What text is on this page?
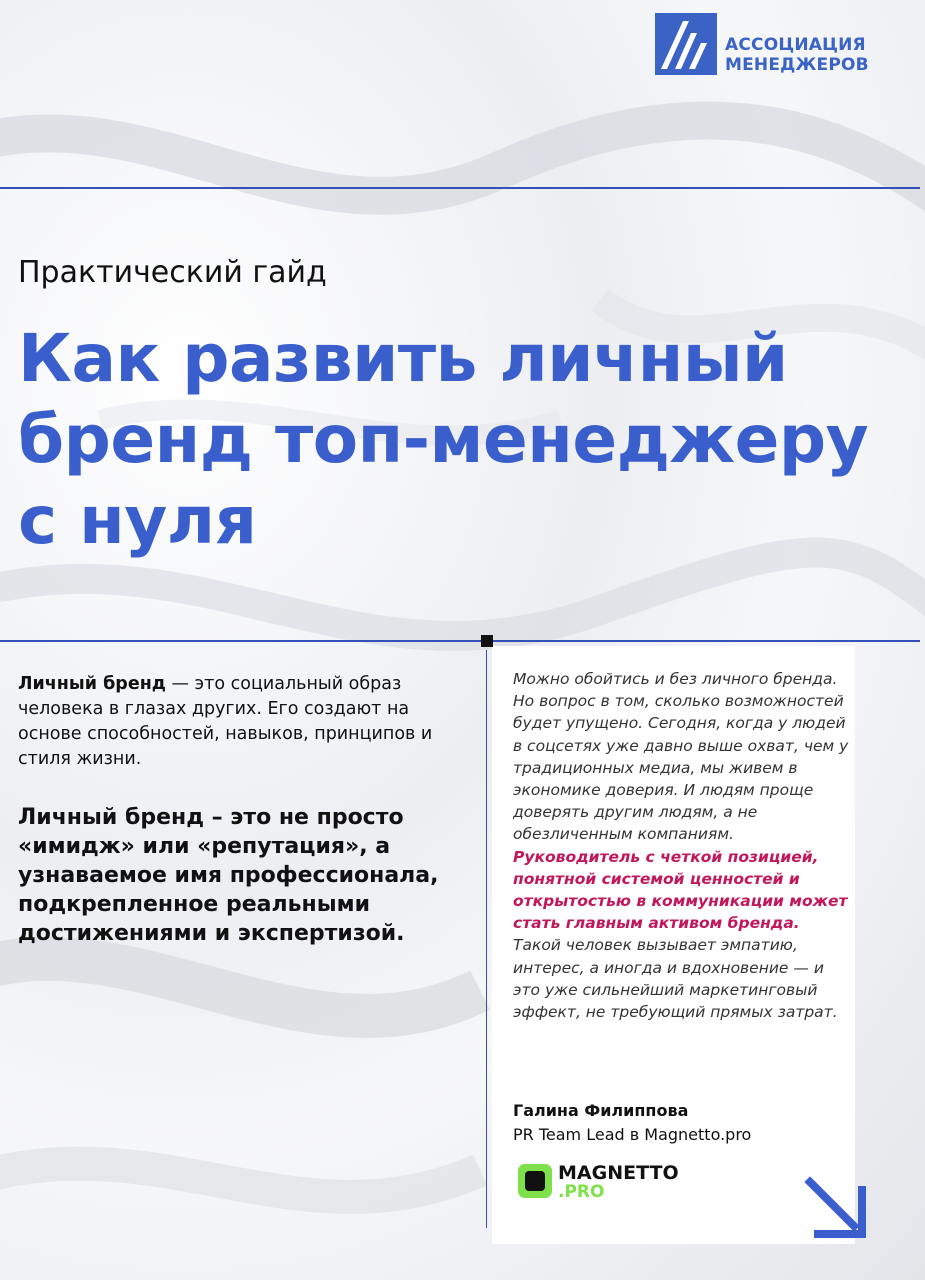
АССОЦИАЦИЯ
МЕНЕДЖЕРОВ
Практический гайд
Как развить личный
бренд топ-менеджеру
с нуля
Личный бренд — это социальный образ человека в глазах других. Его создают на основе способностей, навыков, принципов и стиля жизни.
Личный бренд – это не просто «имидж» или «репутация», а узнаваемое имя профессионала, подкрепленное реальными достижениями и экспертизой.
Можно обойтись и без личного бренда. Но вопрос в том, сколько возможностей будет упущено. Сегодня, когда у людей в соцсетях уже давно выше охват, чем у традиционных медиа, мы живем в экономике доверия. И людям проще доверять другим людям, а не обезличенным компаниям. Руководитель с четкой позицией, понятной системой ценностей и открытостью в коммуникации может стать главным активом бренда. Такой человек вызывает эмпатию, интерес, а иногда и вдохновение — и это уже сильнейший маркетинговый эффект, не требующий прямых затрат.
Галина Филиппова
PR Team Lead в Magnetto.pro
MAGNETTO
.PRO
